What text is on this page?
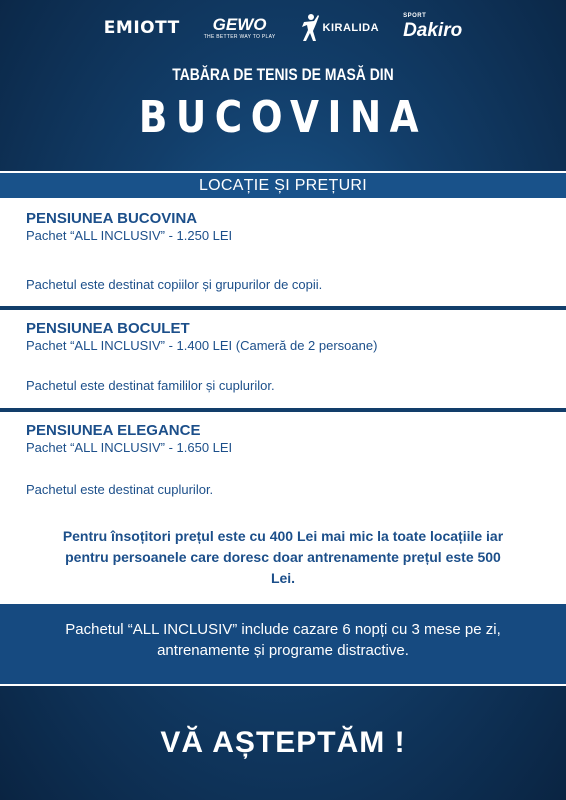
EMIOTT GEWO
THE BETTER WAY TO PLAY
KIRALIDA
SPORT
Dakiro
TABĂRA DE TENIS DE MASĂ DIN
BUCOVINA
LOCAȚIE ȘI PREȚURI
PENSIUNEA BUCOVINA
Pachet “ALL INCLUSIV” - 1.250 LEI
Pachetul este destinat copiilor și grupurilor de copii.
PENSIUNEA BOCULET
Pachet “ALL INCLUSIV” - 1.400 LEI (Cameră de 2 persoane)
Pachetul este destinat famililor și cuplurilor.
PENSIUNEA ELEGANCE
Pachet “ALL INCLUSIV” - 1.650 LEI
Pachetul este destinat cuplurilor.
Pentru însoțitori prețul este cu 400 Lei mai mic la toate locațiile iar pentru persoanele care doresc doar antrenamente prețul este 500 Lei.
Pachetul “ALL INCLUSIV” include cazare 6 nopți cu 3 mese pe zi, antrenamente și programe distractive.
VĂ AȘTEPTĂM !
